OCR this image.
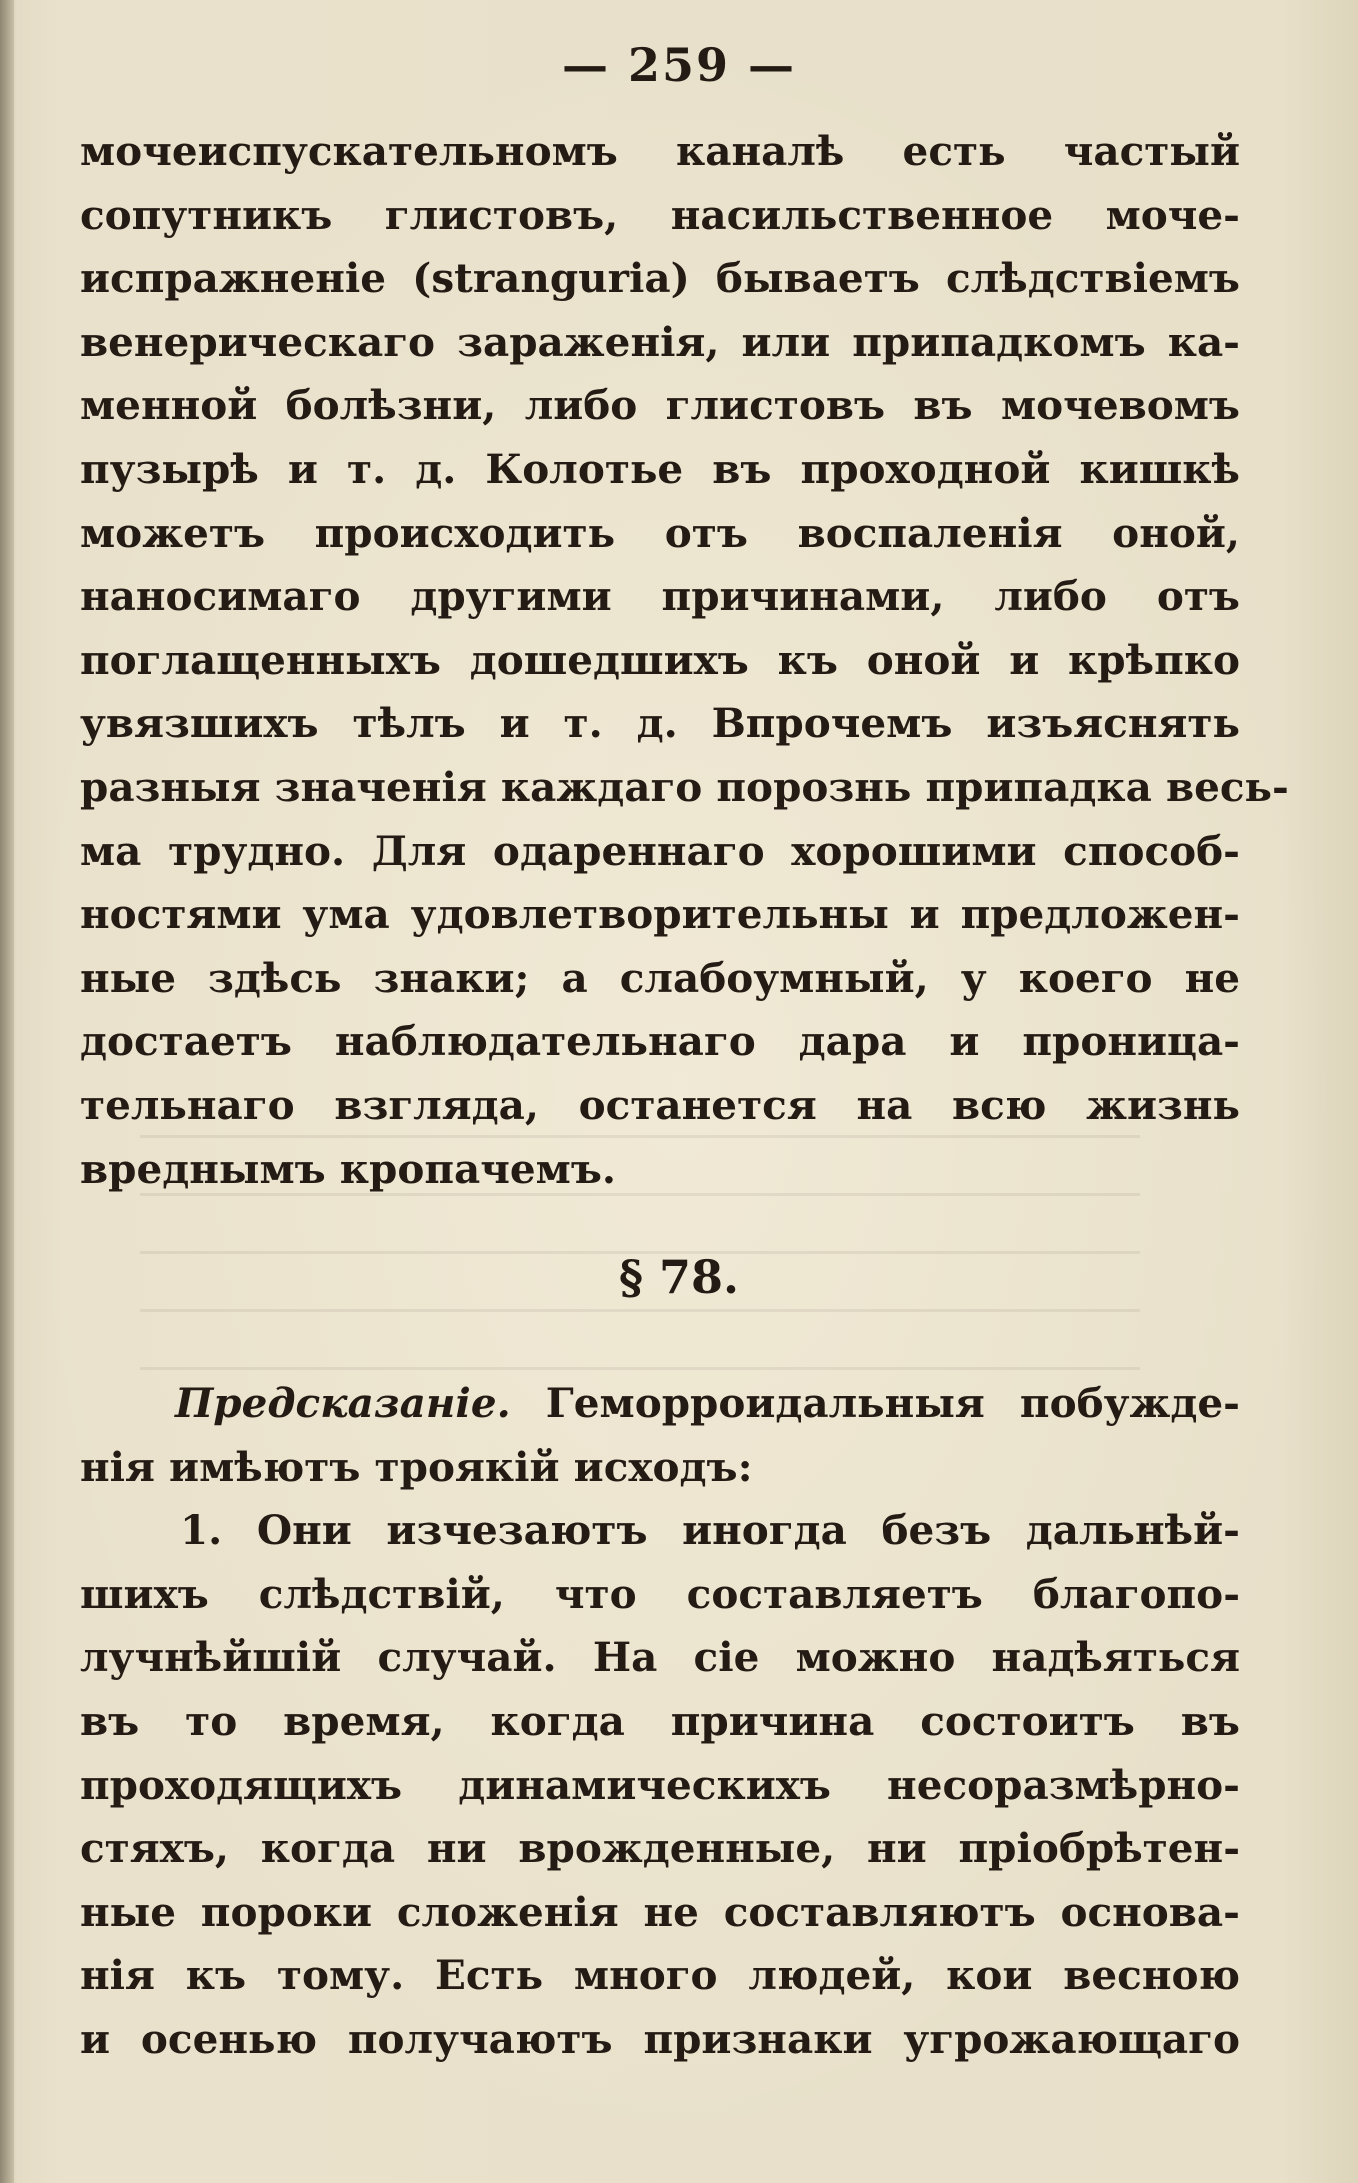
— 259 —
мочеиспускательномъ каналѣ есть частый
сопутникъ глистовъ, насильственное моче-
испражненіе (stranguria) бываетъ слѣдствіемъ
венерическаго зараженія, или припадкомъ ка-
менной болѣзни, либо глистовъ въ мочевомъ
пузырѣ и т. д. Колотье въ проходной кишкѣ
можетъ происходить отъ воспаленія оной,
наносимаго другими причинами, либо отъ
поглащенныхъ дошедшихъ къ оной и крѣпко
увязшихъ тѣлъ и т. д. Впрочемъ изъяснять
разныя значенія каждаго порознь припадка весь-
ма трудно. Для одареннаго хорошими способ-
ностями ума удовлетворительны и предложен-
ные здѣсь знаки; а слабоумный, у коего не
достаетъ наблюдательнаго дара и проница-
тельнаго взгляда, останется на всю жизнь
вреднымъ кропачемъ.
§ 78.
Предсказаніе. Геморроидальныя побужде-
нія имѣютъ трoякій исходъ:
1. Они изчезаютъ иногда безъ дальнѣй-
шихъ слѣдствій, что составляетъ благопо-
лучнѣйшій случай. На сіе можно надѣяться
въ то время, когда причина состоитъ въ
проходящихъ динамическихъ несоразмѣрно-
стяхъ, когда ни врожденные, ни пріобрѣтен-
ные пороки сложенія не составляютъ основа-
нія къ тому. Есть много людей, кои весною
и осенью получаютъ признаки угрожающаго
